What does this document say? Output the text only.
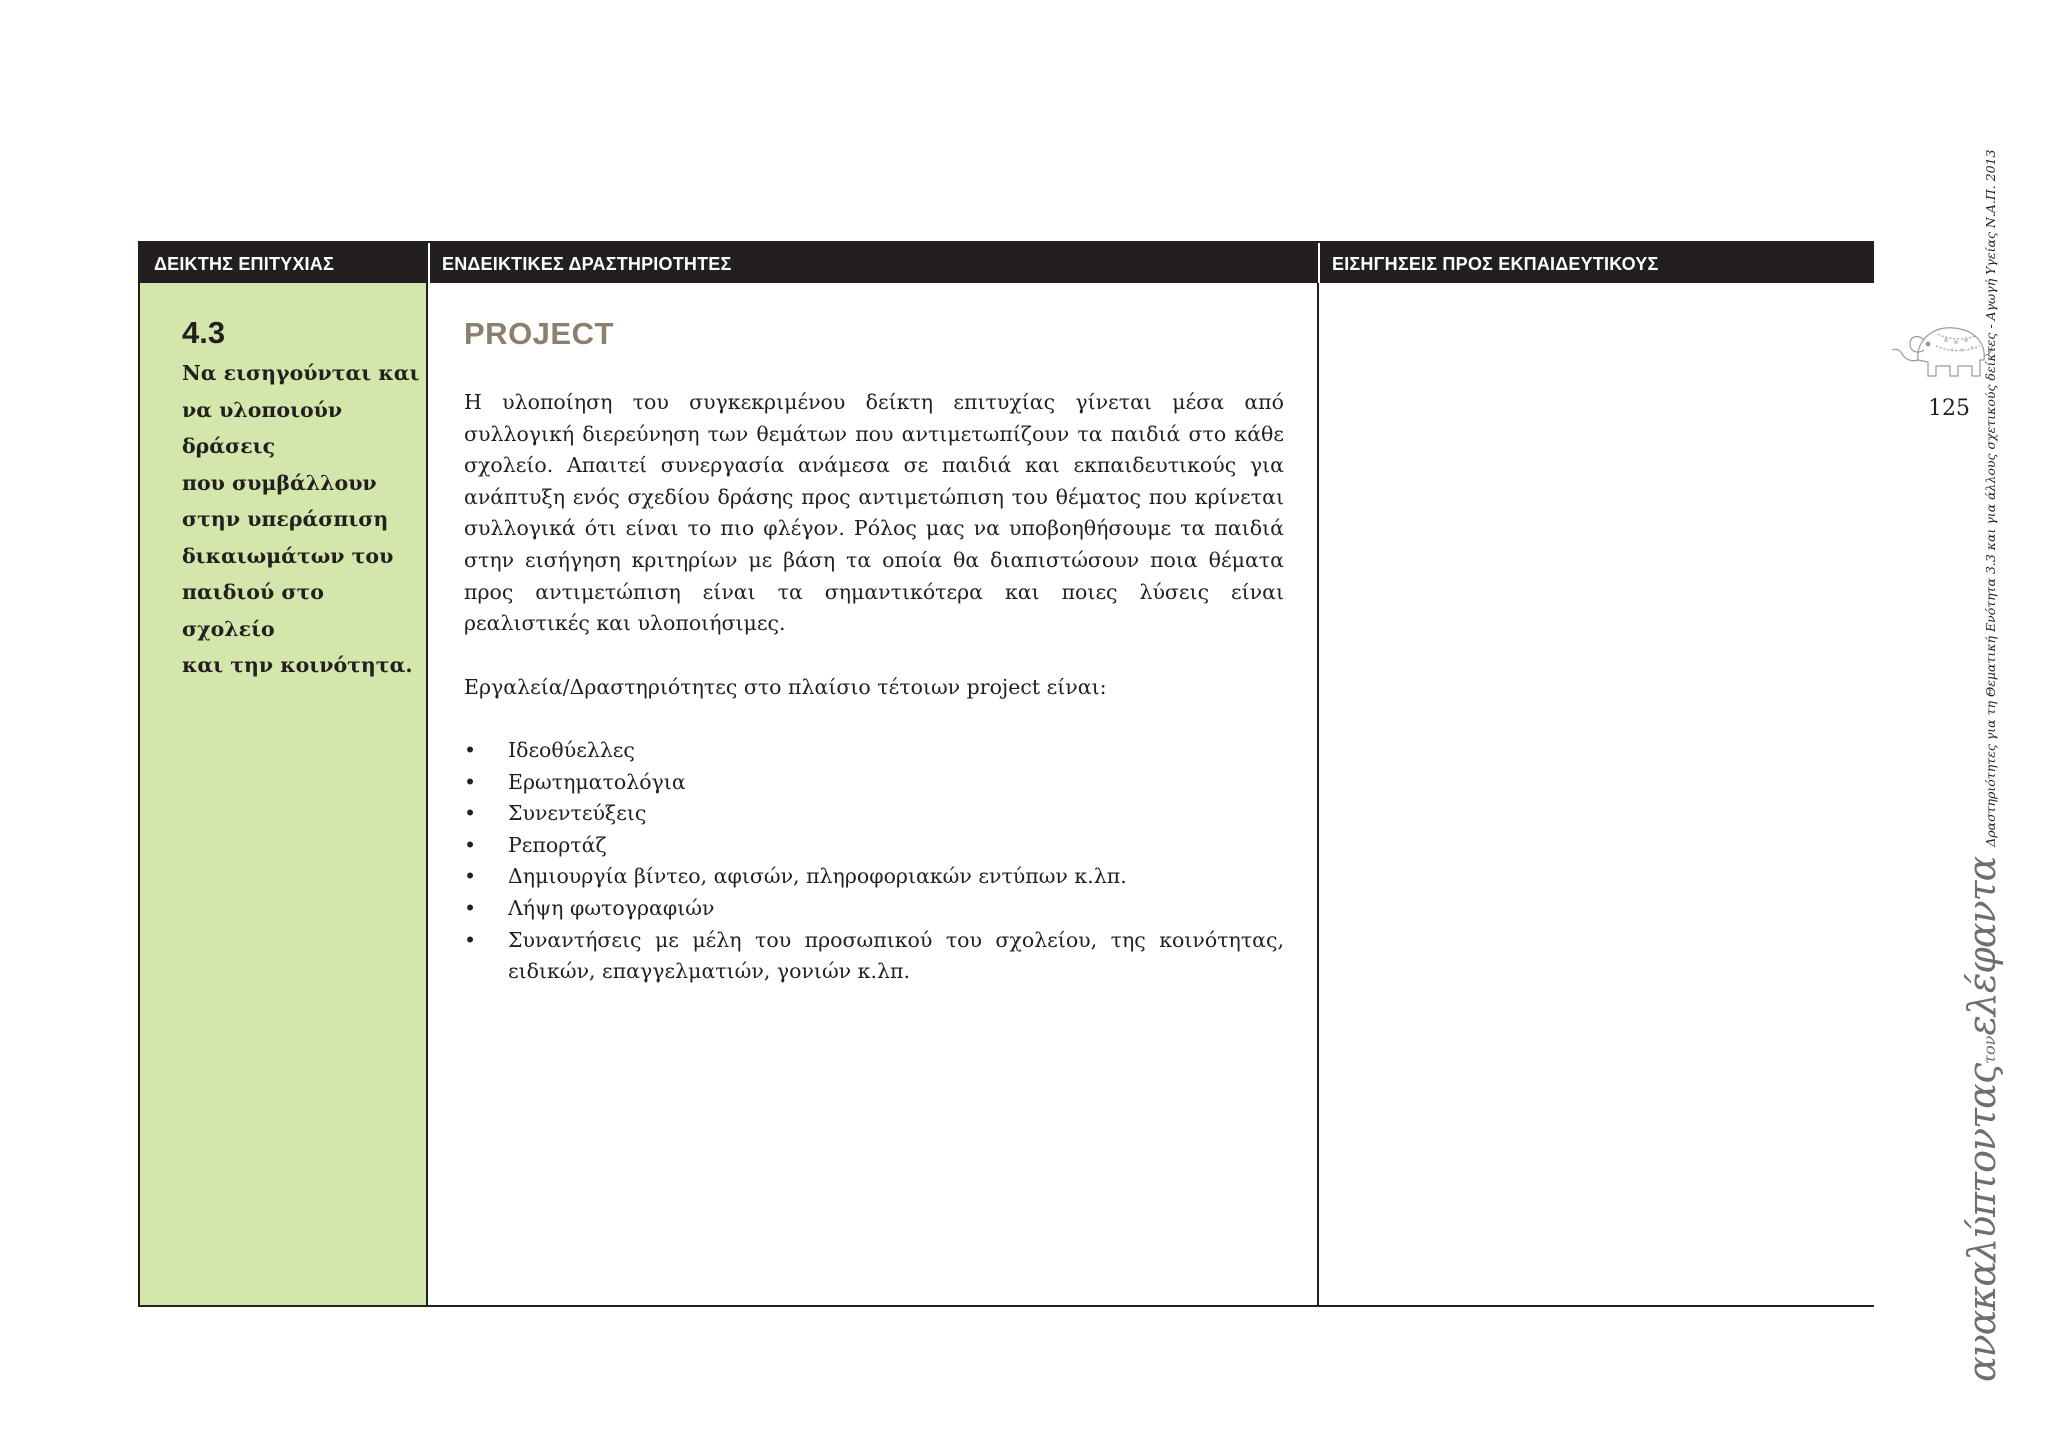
ΔΕΙΚΤΗΣ ΕΠΙΤΥΧΙΑΣ	ΕΝΔΕΙΚΤΙΚΕΣ ΔΡΑΣΤΗΡΙΟΤΗΤΕΣ	ΕΙΣΗΓΗΣΕΙΣ ΠΡΟΣ ΕΚΠΑΙΔΕΥΤΙΚΟΥΣ
4.3
Να εισηγούνται και
να υλοποιούν δράσεις
που συμβάλλουν
στην υπεράσπιση
δικαιωμάτων του
παιδιού στο σχολείο
και την κοινότητα.
PROJECT
Η υλοποίηση του συγκεκριμένου δείκτη επιτυχίας γίνεται μέσα από συλλογική διερεύνηση των θεμάτων που αντιμετωπίζουν τα παιδιά στο κάθε σχολείο. Απαιτεί συνεργασία ανάμεσα σε παιδιά και εκπαιδευτικούς για ανάπτυξη ενός σχεδίου δράσης προς αντιμετώπιση του θέματος που κρίνεται συλλογικά ότι είναι το πιο φλέγον. Ρόλος μας να υποβοηθήσουμε τα παιδιά στην εισήγηση κριτηρίων με βάση τα οποία θα διαπιστώσουν ποια θέματα προς αντιμετώπιση είναι τα σημαντικότερα και ποιες λύσεις είναι ρεαλιστικές και υλοποιήσιμες.
Εργαλεία/Δραστηριότητες στο πλαίσιο τέτοιων project είναι:
• Ιδεοθύελλες
• Ερωτηματολόγια
• Συνεντεύξεις
• Ρεπορτάζ
• Δημιουργία βίντεο, αφισών, πληροφοριακών εντύπων κ.λπ.
• Λήψη φωτογραφιών
• Συναντήσεις με μέλη του προσωπικού του σχολείου, της κοινότητας, ειδικών, επαγγελματιών, γονιών κ.λπ.
125
ανακαλύπτονταςτονελέφανταΔραστηριότητες για τη Θεματική Ενότητα 3.3 και για άλλους σχετικούς δείκτες - Αγωγή Υγείας Ν.Α.Π. 2013
